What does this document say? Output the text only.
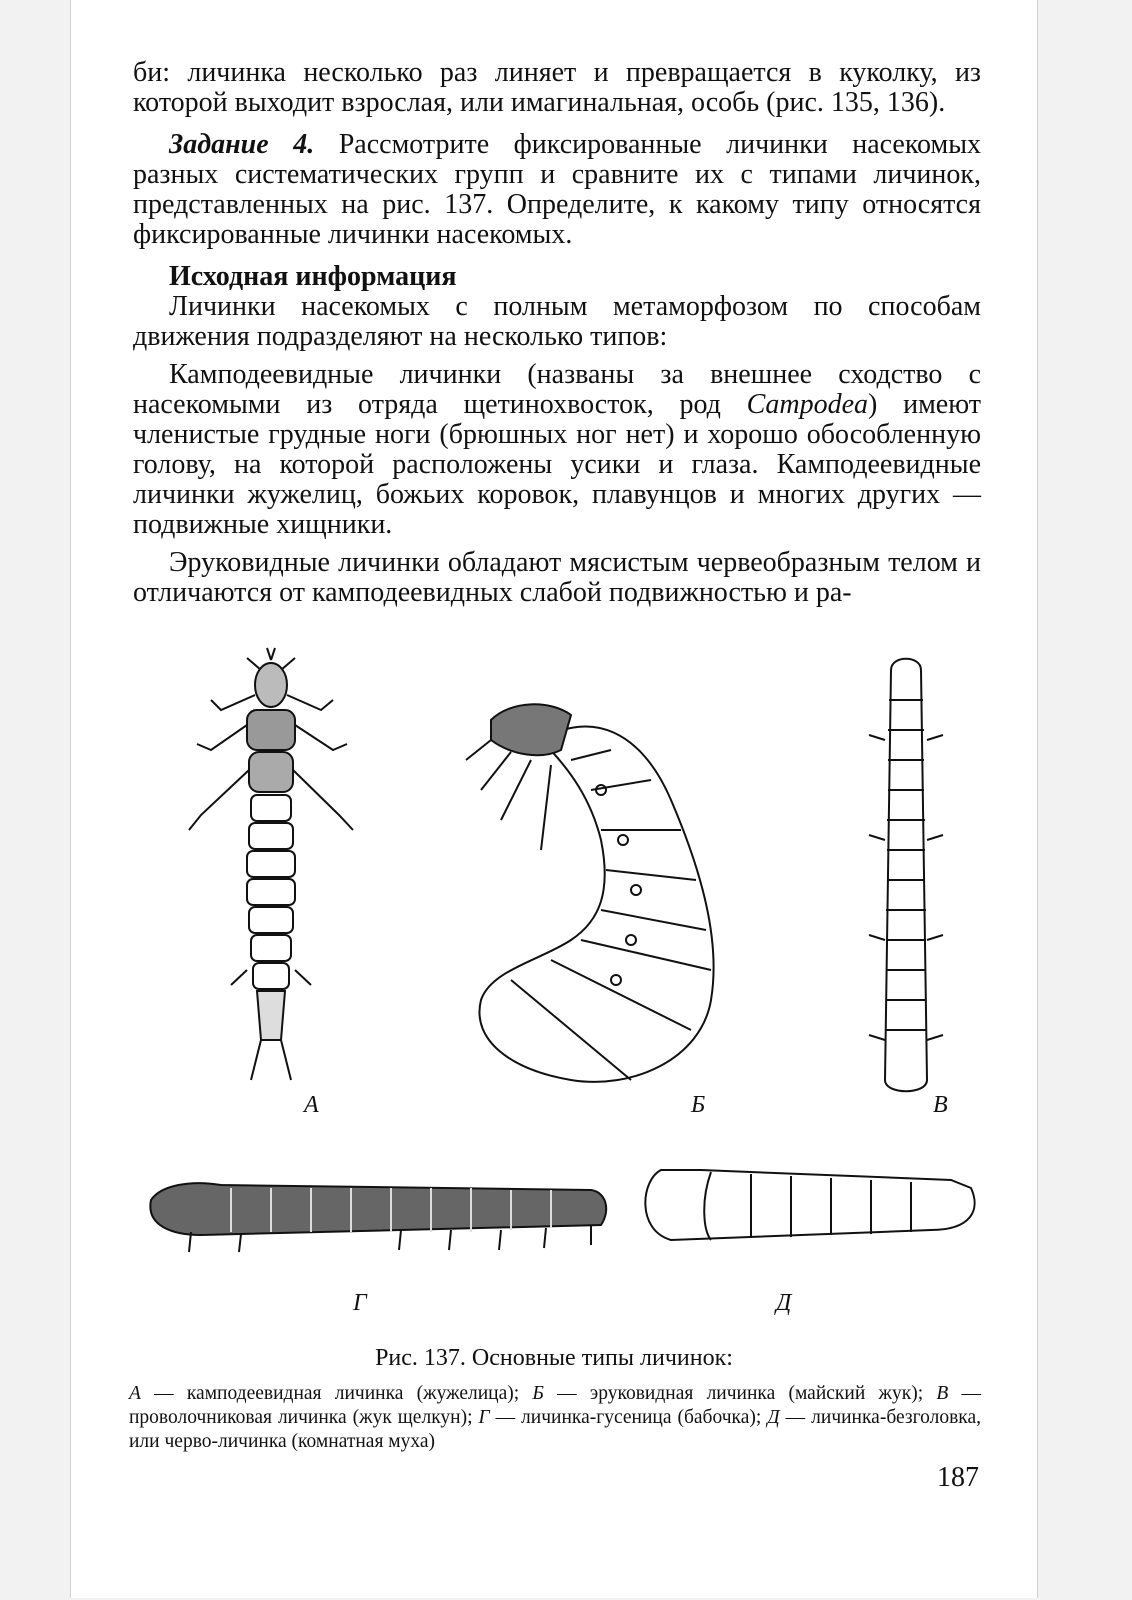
би: личинка несколько раз линяет и превращается в куколку, из которой выходит взрослая, или имагинальная, особь (рис. 135, 136).

Задание 4. Рассмотрите фиксированные личинки насекомых разных систематических групп и сравните их с типами личинок, представленных на рис. 137. Определите, к какому типу относятся фиксированные личинки насекомых.

Исходная информация

Личинки насекомых с полным метаморфозом по способам движения подразделяют на несколько типов:

Камподеевидные личинки (названы за внешнее сходство с насекомыми из отряда щетинохвосток, род Campodea) имеют членистые грудные ноги (брюшных ног нет) и хорошо обособленную голову, на которой расположены усики и глаза. Камподеевидные личинки жужелиц, божьих коровок, плавунцов и многих других — подвижные хищники.

Эруковидные личинки обладают мясистым червеобразным телом и отличаются от камподеевидных слабой подвижностью и ра-

А	Б	В
Г	Д
Рис. 137. Основные типы личинок:
А — камподеевидная личинка (жужелица); Б — эруковидная личинка (майский жук); В — проволочниковая личинка (жук щелкун); Г — личинка-гусеница (бабочка); Д — личинка-безголовка, или черво-личинка (комнатная муха)
187
